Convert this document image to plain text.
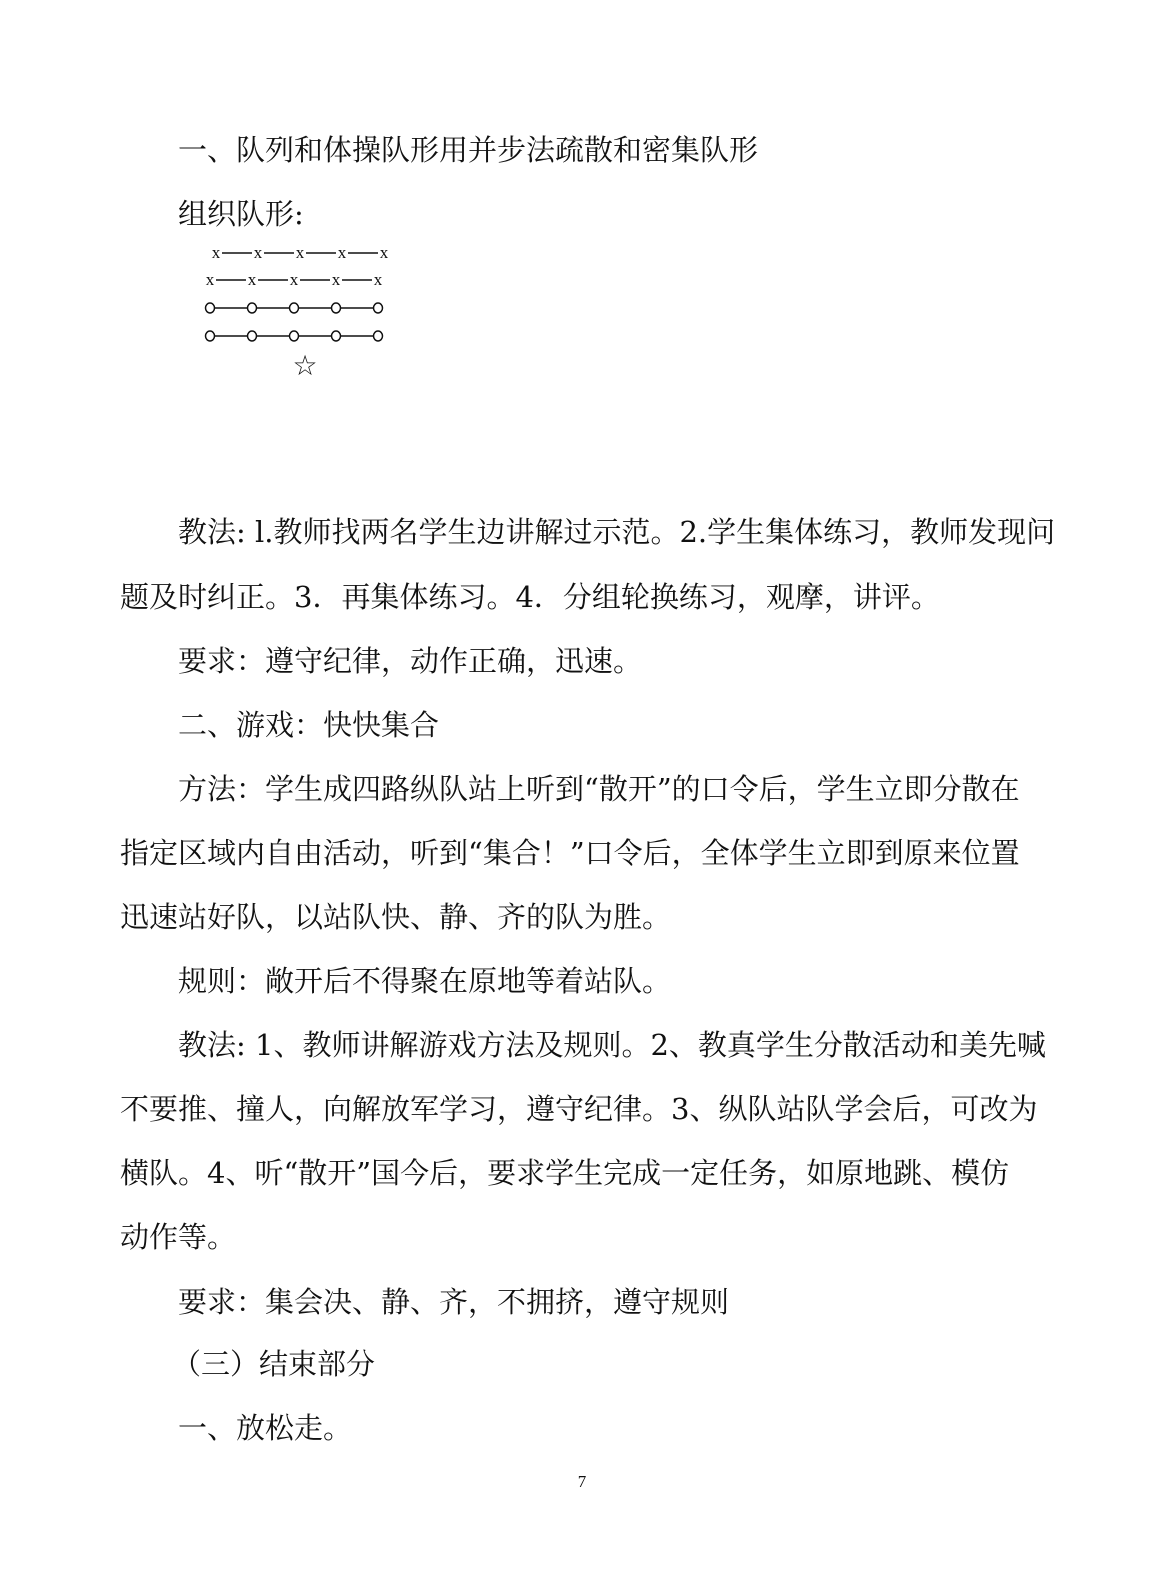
一、队列和体操队形用并步法疏散和密集队形
组织队形:
x x x x x
x x x x x
☆
教法: l.教师找两名学生边讲解过示范。2.学生集体练习，教师发现问
题及时纠正。3．再集体练习。4．分组轮换练习，观摩，讲评。
要求：遵守纪律，动作正确，迅速。
二、游戏：快快集合
方法：学生成四路纵队站上听到“散开”的口令后，学生立即分散在
指定区域内自由活动，听到“集合！”口令后，全体学生立即到原来位置
迅速站好队，以站队快、静、齐的队为胜。
规则：敞开后不得聚在原地等着站队。
教法: 1、教师讲解游戏方法及规则。2、教真学生分散活动和美先喊
不要推、撞人，向解放军学习，遵守纪律。3、纵队站队学会后，可改为
横队。4、听“散开”国今后，要求学生完成一定任务，如原地跳、模仿
动作等。
要求：集会决、静、齐，不拥挤，遵守规则
（三）结束部分
一、放松走。
7
